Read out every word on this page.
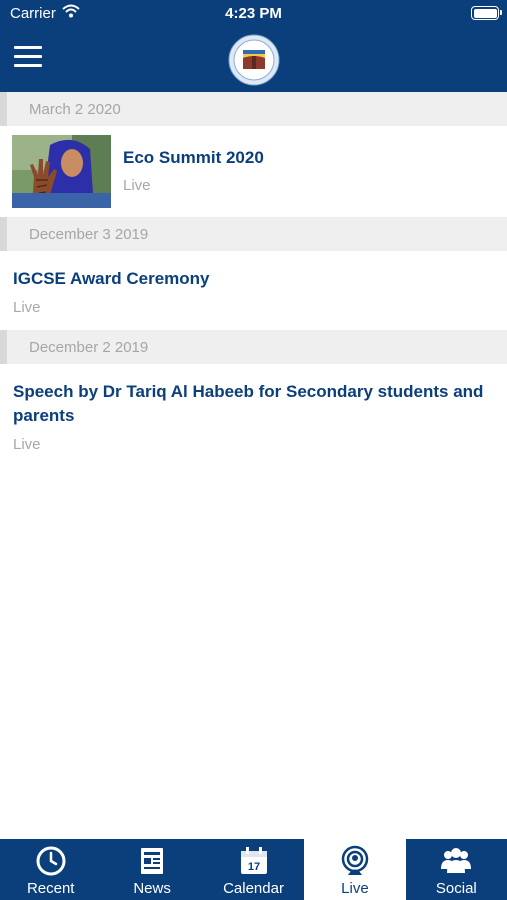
Carrier	4:23 PM
March 2 2020
Eco Summit 2020
Live
December 3 2019
IGCSE Award Ceremony
Live
December 2 2019
Speech by Dr Tariq Al Habeeb for Secondary students and parents
Live
Recent	News
17
Calendar	Live	Social
